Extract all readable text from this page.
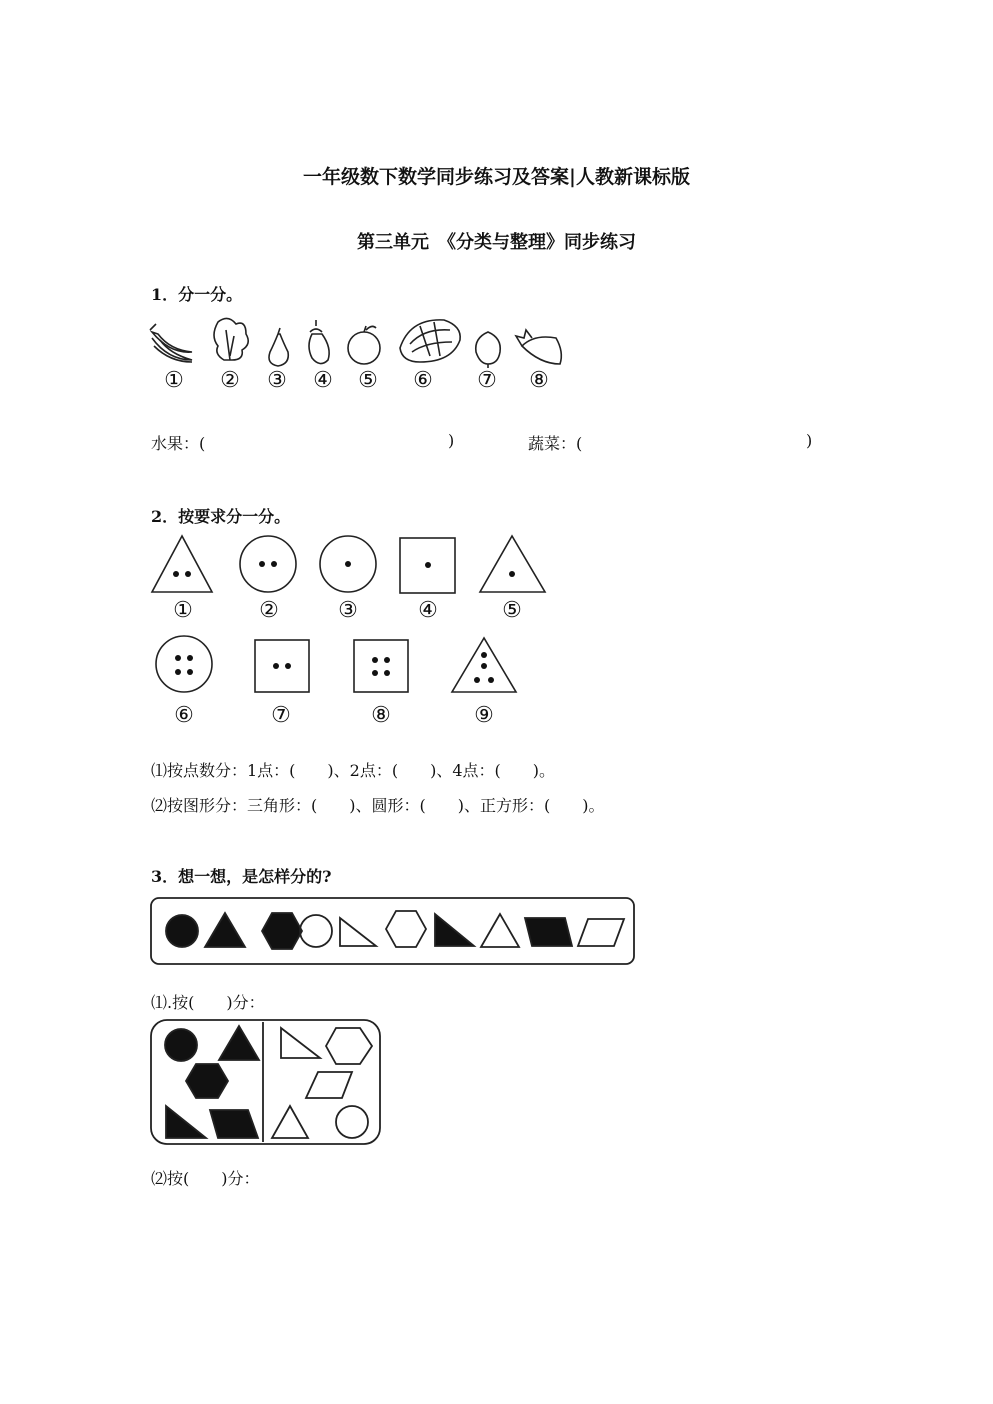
一年级数下数学同步练习及答案|人教新课标版
第三单元　《分类与整理》同步练习
1．分一分。
①	②	③	④	⑤	⑥	⑦	⑧
水果：(	)	蔬菜：(	)
2．按要求分一分。
①	②	③	④	⑤
⑥	⑦	⑧	⑨
⑴按点数分：1点：(　　)、2点：(　　)、4点：(　　)。
⑵按图形分：三角形：(　　)、圆形：(　　)、正方形：(　　)。
3．想一想，是怎样分的?
⑴.按(　　)分：
⑵按(　　)分：
